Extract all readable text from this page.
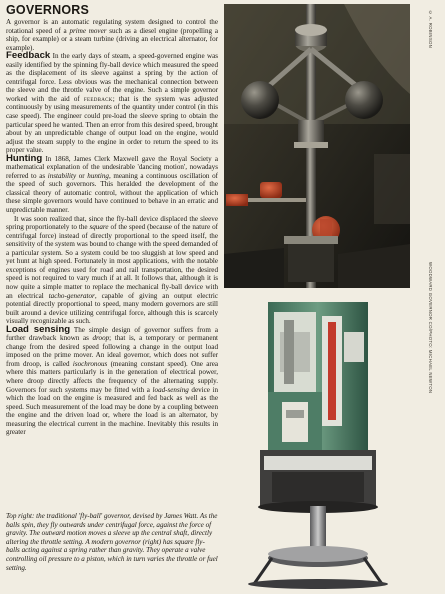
GOVERNORS

A governor is an automatic regulating system designed to control the rotational speed of a prime mover such as a diesel engine (propelling a ship, for example) or a steam turbine (driving an electrical alternator, for example).

Feedback In the early days of steam, a speed-governed engine was easily identified by the spinning fly-ball device which measured the speed as the displacement of its sleeve against a spring by the action of centrifugal force. Less obvious was the mechanical connection between the sleeve and the throttle valve of the engine. Such a simple governor worked with the aid of feedback; that is the system was adjusted continuously by using measurements of the quantity under control (in this case speed). The engineer could pre-load the sleeve spring to obtain the particular speed he wanted. Then an error from this desired speed, brought about by an unpredictable change of output load on the engine, would adjust the steam supply to the engine in order to return the speed to its proper value.

Hunting In 1868, James Clerk Maxwell gave the Royal Society a mathematical explanation of the undesirable 'dancing motion', nowadays referred to as instability or hunting, meaning a continuous oscillation of the speed of such governors. This heralded the development of the classical theory of automatic control, without the application of which these simple governors would have continued to behave in an erratic and unpredictable manner.

It was soon realized that, since the fly-ball device displaced the sleeve spring proportionately to the square of the speed (because of the nature of centrifugal force) instead of directly proportional to the speed itself, the sensitivity of the system was bound to change with the speed demanded of a particular system. So a system could be too sluggish at low speed and yet hunt at high speed. Fortunately in most applications, with the notable exceptions of engines used for road and rail transportation, the desired speed is not required to vary much if at all. It follows that, although it is now quite a simple matter to replace the mechanical fly-ball device with an electrical tacho-generator, capable of giving an output electric potential directly proportional to speed, many modern governors are still built around a device utilizing centrifugal force, although this is scarcely visually recognizable as such.

Load sensing The simple design of governor suffers from a further drawback known as droop; that is, a temporary or permanent change from the desired speed following a change in the output load imposed on the prime mover. An ideal governor, which does not suffer from droop, is called isochronous (meaning constant speed). One area where this matters particularly is in the generation of electrical power, where droop directly affects the frequency of the alternating supply. Governors for such systems may be fitted with a load-sensing device in which the load on the engine is measured and fed back as well as the speed. Such measurement of the load may be done by a coupling between the engine and the driven load or, where the load is an alternator, by measuring the electrical current in the machine. Inevitably this results in greater

Top right: the traditional 'fly-ball' governor, devised by James Watt. As the balls spin, they fly outwards under centrifugal force, against the force of gravity. The outward motion moves a sleeve up the central shaft, directly altering the throttle setting. A modern governor (right) has square fly-balls acting against a spring rather than gravity. They operate a valve controlling oil pressure to a piston, which in turn varies the throttle or fuel setting.
© A. ROBINSON
WOODWARD GOVERNOR CO/PHOTO: MICHAEL NEWTON
